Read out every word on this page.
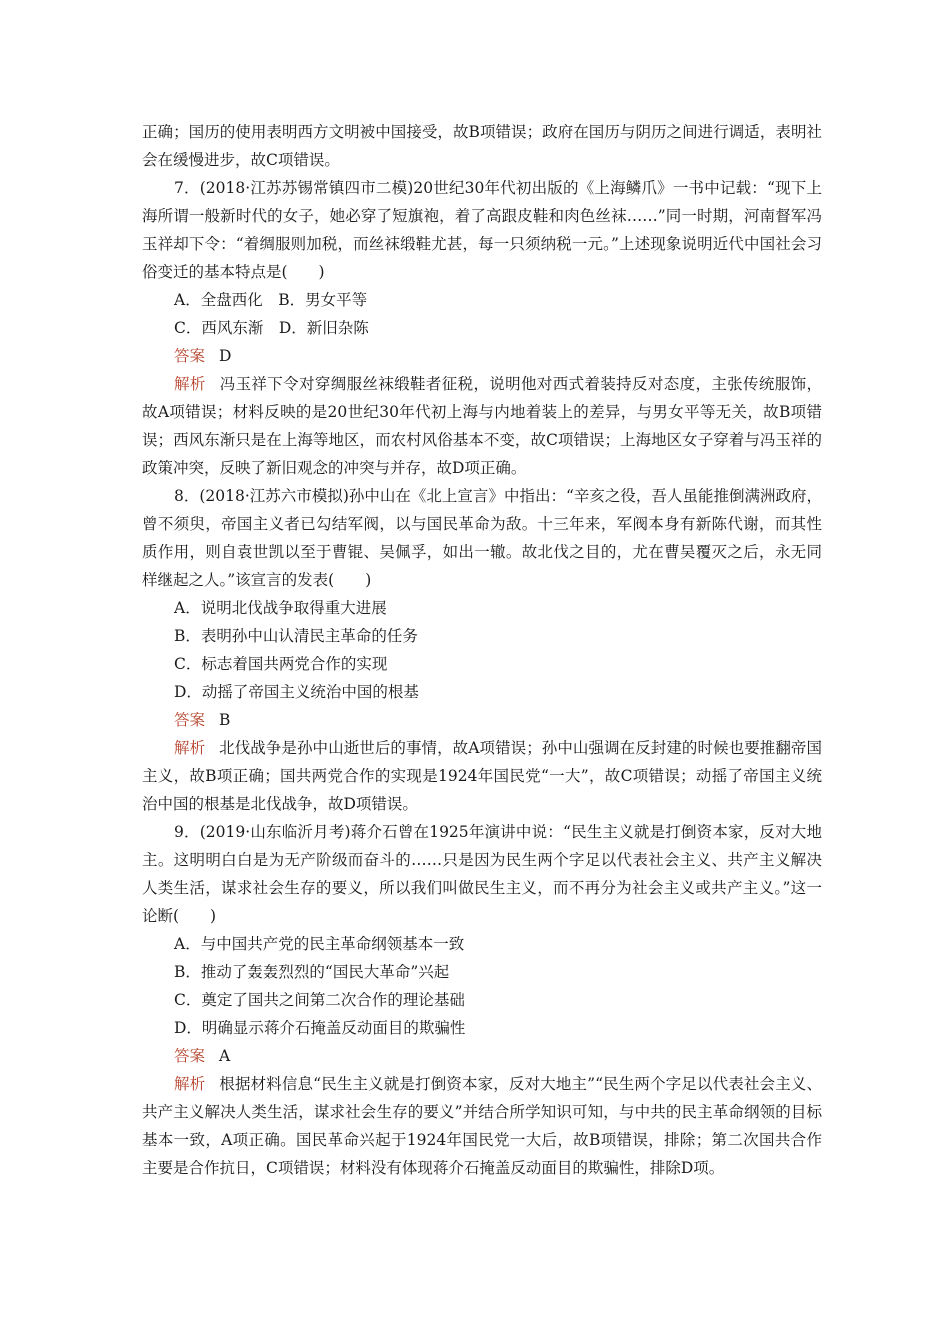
正确；国历的使用表明西方文明被中国接受，故B项错误；政府在国历与阴历之间进行调适，表明社会在缓慢进步，故C项错误。

7．(2018·江苏苏锡常镇四市二模)20世纪30年代初出版的《上海鳞爪》一书中记载：“现下上海所谓一般新时代的女子，她必穿了短旗袍，着了高跟皮鞋和肉色丝袜……”同一时期，河南督军冯玉祥却下令：“着绸服则加税，而丝袜缎鞋尤甚，每一只须纳税一元。”上述现象说明近代中国社会习俗变迁的基本特点是(　　)

A．全盘西化　B．男女平等

C．西风东渐　D．新旧杂陈

答案 D

解析 冯玉祥下令对穿绸服丝袜缎鞋者征税，说明他对西式着装持反对态度，主张传统服饰，故A项错误；材料反映的是20世纪30年代初上海与内地着装上的差异，与男女平等无关，故B项错误；西风东渐只是在上海等地区，而农村风俗基本不变，故C项错误；上海地区女子穿着与冯玉祥的政策冲突，反映了新旧观念的冲突与并存，故D项正确。

8．(2018·江苏六市模拟)孙中山在《北上宣言》中指出：“辛亥之役，吾人虽能推倒满洲政府，曾不须臾，帝国主义者已勾结军阀，以与国民革命为敌。十三年来，军阀本身有新陈代谢，而其性质作用，则自袁世凯以至于曹锟、吴佩孚，如出一辙。故北伐之目的，尤在曹吴覆灭之后，永无同样继起之人。”该宣言的发表(　　)

A．说明北伐战争取得重大进展

B．表明孙中山认清民主革命的任务

C．标志着国共两党合作的实现

D．动摇了帝国主义统治中国的根基

答案 B

解析 北伐战争是孙中山逝世后的事情，故A项错误；孙中山强调在反封建的时候也要推翻帝国主义，故B项正确；国共两党合作的实现是1924年国民党“一大”，故C项错误；动摇了帝国主义统治中国的根基是北伐战争，故D项错误。

9．(2019·山东临沂月考)蒋介石曾在1925年演讲中说：“民生主义就是打倒资本家，反对大地主。这明明白白是为无产阶级而奋斗的……只是因为民生两个字足以代表社会主义、共产主义解决人类生活，谋求社会生存的要义，所以我们叫做民生主义，而不再分为社会主义或共产主义。”这一论断(　　)

A．与中国共产党的民主革命纲领基本一致

B．推动了轰轰烈烈的“国民大革命”兴起

C．奠定了国共之间第二次合作的理论基础

D．明确显示蒋介石掩盖反动面目的欺骗性

答案 A

解析 根据材料信息“民生主义就是打倒资本家，反对大地主”“民生两个字足以代表社会主义、共产主义解决人类生活，谋求社会生存的要义”并结合所学知识可知，与中共的民主革命纲领的目标基本一致，A项正确。国民革命兴起于1924年国民党一大后，故B项错误，排除；第二次国共合作主要是合作抗日，C项错误；材料没有体现蒋介石掩盖反动面目的欺骗性，排除D项。
